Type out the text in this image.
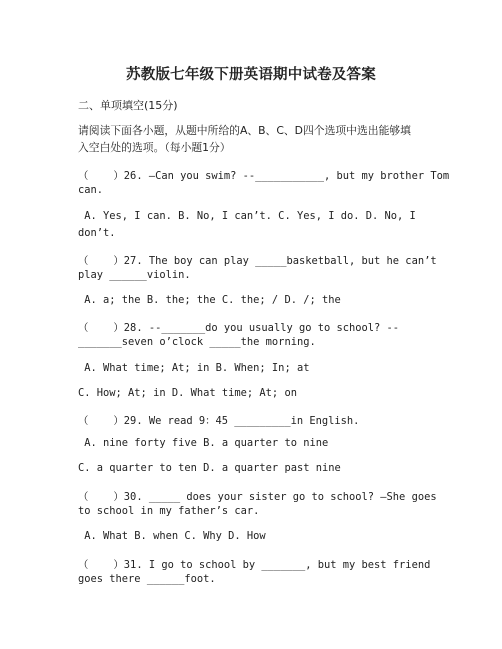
苏教版七年级下册英语期中试卷及答案
二、单项填空(15分)
请阅读下面各小题，从题中所给的A、B、C、D四个选项中选出能够填
入空白处的选项。（每小题1分）
（    ）26. –Can you swim? --___________, but my brother Tom
can.
A. Yes, I can. B. No, I can’t. C. Yes, I do. D. No, I
don’t.
（    ）27. The boy can play _____basketball, but he can’t
play ______violin.
A. a; the B. the; the C. the; / D. /; the
（    ）28. --_______do you usually go to school? --
_______seven o’clock _____the morning.
A. What time; At; in B. When; In; at
C. How; At; in D. What time; At; on
（    ）29. We read 9：45 _________in English.
A. nine forty five B. a quarter to nine
C. a quarter to ten D. a quarter past nine
（    ）30. _____ does your sister go to school? –She goes
to school in my father’s car.
A. What B. when C. Why D. How
（    ）31. I go to school by _______, but my best friend
goes there ______foot.
